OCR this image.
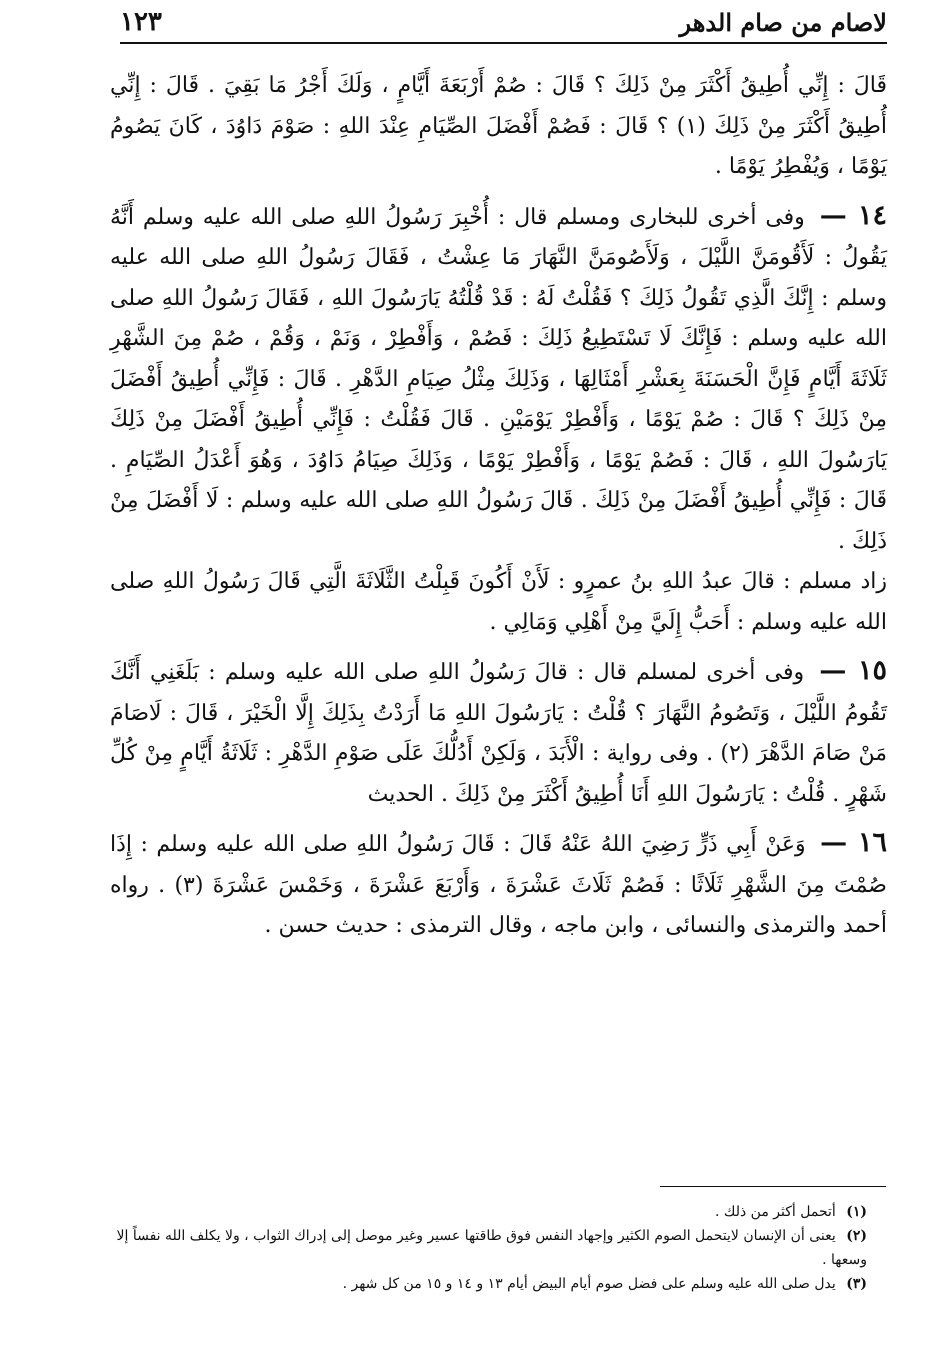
لاصام من صام الدهر
١٢٣

قَالَ : إِنِّي أُطِيقُ أَكْثَرَ مِنْ ذَلِكَ ؟ قَالَ : صُمْ أَرْبَعَةَ أَيَّامٍ ، وَلَكَ أَجْرُ مَا بَقِيَ . قَالَ : إِنِّي أُطِيقُ أَكْثَرَ مِنْ ذَلِكَ (١) ؟ قَالَ : فَصُمْ أَفْضَلَ الصِّيَامِ عِنْدَ اللهِ : صَوْمَ دَاوُدَ ، كَانَ يَصُومُ يَوْمًا ، وَيُفْطِرُ يَوْمًا .

١٤ — وفى أخرى للبخارى ومسلم قال : أُخْبِرَ رَسُولُ اللهِ صلى الله عليه وسلم أَنَّهُ يَقُولُ : لَأَقُومَنَّ اللَّيْلَ ، وَلَأَصُومَنَّ النَّهَارَ مَا عِشْتُ ، فَقَالَ رَسُولُ اللهِ صلى الله عليه وسلم : إِنَّكَ الَّذِي تَقُولُ ذَلِكَ ؟ فَقُلْتُ لَهُ : قَدْ قُلْتُهُ يَارَسُولَ اللهِ ، فَقَالَ رَسُولُ اللهِ صلى الله عليه وسلم : فَإِنَّكَ لَا تَسْتَطِيعُ ذَلِكَ : فَصُمْ ، وَأَفْطِرْ ، وَنَمْ ، وَقُمْ ، صُمْ مِنَ الشَّهْرِ ثَلَاثَةَ أَيَّامٍ فَإِنَّ الْحَسَنَةَ بِعَشْرِ أَمْثَالِهَا ، وَذَلِكَ مِثْلُ صِيَامِ الدَّهْرِ . قَالَ : فَإِنِّي أُطِيقُ أَفْضَلَ مِنْ ذَلِكَ ؟ قَالَ : صُمْ يَوْمًا ، وَأَفْطِرْ يَوْمَيْنِ . قَالَ فَقُلْتُ : فَإِنِّي أُطِيقُ أَفْضَلَ مِنْ ذَلِكَ يَارَسُولَ اللهِ ، قَالَ : فَصُمْ يَوْمًا ، وَأَفْطِرْ يَوْمًا ، وَذَلِكَ صِيَامُ دَاوُدَ ، وَهُوَ أَعْدَلُ الصِّيَامِ . قَالَ : فَإِنِّي أُطِيقُ أَفْضَلَ مِنْ ذَلِكَ . قَالَ رَسُولُ اللهِ صلى الله عليه وسلم : لَا أَفْضَلَ مِنْ ذَلِكَ .

زاد مسلم : قالَ عبدُ اللهِ بنُ عمرٍو : لَأَنْ أَكُونَ قَبِلْتُ الثَّلَاثَةَ الَّتِي قَالَ رَسُولُ اللهِ صلى الله عليه وسلم : أَحَبُّ إِلَيَّ مِنْ أَهْلِي وَمَالِي .

١٥ — وفى أخرى لمسلم قال : قالَ رَسُولُ اللهِ صلى الله عليه وسلم : بَلَغَنِي أَنَّكَ تَقُومُ اللَّيْلَ ، وَتَصُومُ النَّهَارَ ؟ قُلْتُ : يَارَسُولَ اللهِ مَا أَرَدْتُ بِذَلِكَ إِلَّا الْخَيْرَ ، قَالَ : لَاصَامَ مَنْ صَامَ الدَّهْرَ (٢) . وفى رواية : الْأَبَدَ ، وَلَكِنْ أَدُلُّكَ عَلَى صَوْمِ الدَّهْرِ : ثَلَاثَةُ أَيَّامٍ مِنْ كُلِّ شَهْرٍ . قُلْتُ : يَارَسُولَ اللهِ أَنَا أُطِيقُ أَكْثَرَ مِنْ ذَلِكَ . الحديث

١٦ — وَعَنْ أَبِي ذَرٍّ رَضِيَ اللهُ عَنْهُ قَالَ : قَالَ رَسُولُ اللهِ صلى الله عليه وسلم : إِذَا صُمْتَ مِنَ الشَّهْرِ ثَلَاثًا : فَصُمْ ثَلَاثَ عَشْرَةَ ، وَأَرْبَعَ عَشْرَةَ ، وَخَمْسَ عَشْرَةَ (٣) . رواه أحمد والترمذى والنسائى ، وابن ماجه ، وقال الترمذى : حديث حسن .

(١) أتحمل أكثر من ذلك .

(٢) يعنى أن الإنسان لايتحمل الصوم الكثير وإجهاد النفس فوق طاقتها عسير وغير موصل إلى إدراك الثواب ، ولا يكلف الله نفساً إلا وسعها .

(٣) يدل صلى الله عليه وسلم على فضل صوم أيام البيض أيام ١٣ و ١٤ و ١٥ من كل شهر .
